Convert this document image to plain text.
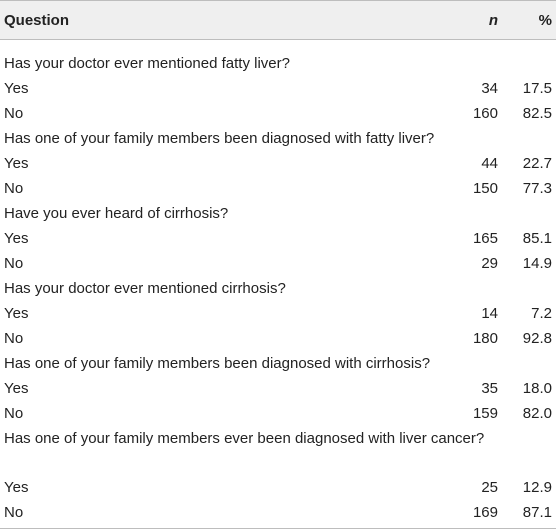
Question	n	%
Has your doctor ever mentioned fatty liver?
Yes	34	17.5
No	160	82.5
Has one of your family members been diagnosed with fatty liver?
Yes	44	22.7
No	150	77.3
Have you ever heard of cirrhosis?
Yes	165	85.1
No	29	14.9
Has your doctor ever mentioned cirrhosis?
Yes	14	7.2
No	180	92.8
Has one of your family members been diagnosed with cirrhosis?
Yes	35	18.0
No	159	82.0
Has one of your family members ever been diagnosed with liver cancer?
Yes	25	12.9
No	169	87.1
